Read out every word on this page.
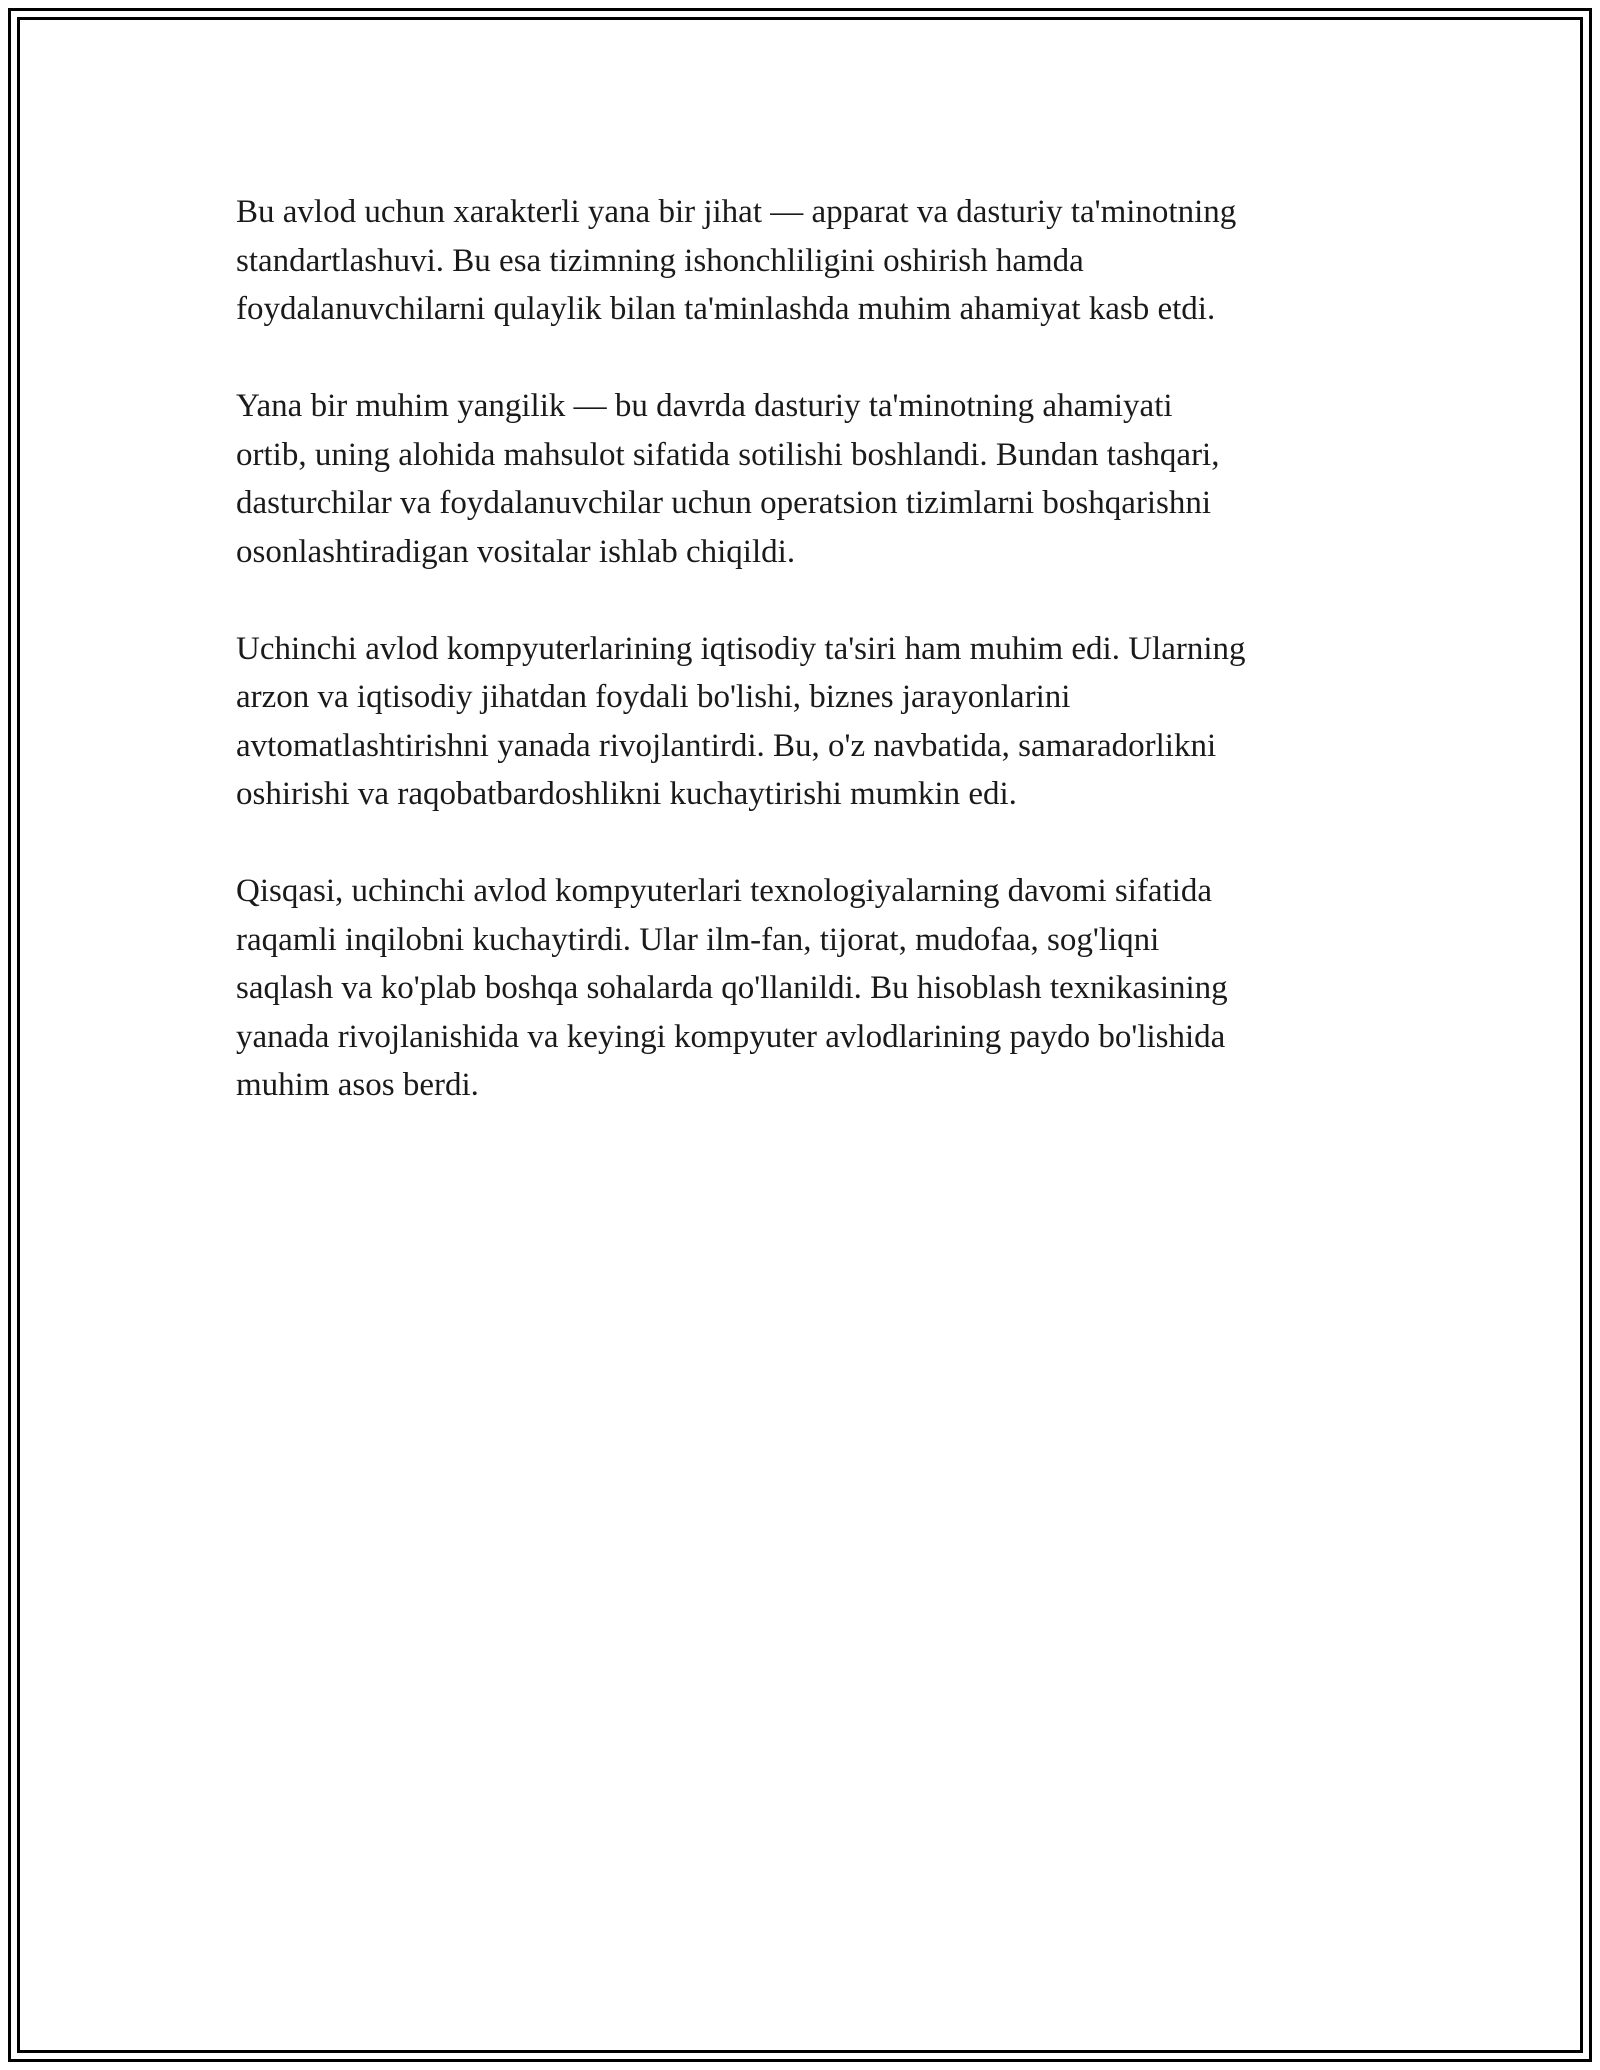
Bu avlod uchun xarakterli yana bir jihat — apparat va dasturiy ta'minotning
standartlashuvi. Bu esa tizimning ishonchliligini oshirish hamda
foydalanuvchilarni qulaylik bilan ta'minlashda muhim ahamiyat kasb etdi.

Yana bir muhim yangilik — bu davrda dasturiy ta'minotning ahamiyati
ortib, uning alohida mahsulot sifatida sotilishi boshlandi. Bundan tashqari,
dasturchilar va foydalanuvchilar uchun operatsion tizimlarni boshqarishni
osonlashtiradigan vositalar ishlab chiqildi.

Uchinchi avlod kompyuterlarining iqtisodiy ta'siri ham muhim edi. Ularning
arzon va iqtisodiy jihatdan foydali bo'lishi, biznes jarayonlarini
avtomatlashtirishni yanada rivojlantirdi. Bu, o'z navbatida, samaradorlikni
oshirishi va raqobatbardoshlikni kuchaytirishi mumkin edi.

Qisqasi, uchinchi avlod kompyuterlari texnologiyalarning davomi sifatida
raqamli inqilobni kuchaytirdi. Ular ilm-fan, tijorat, mudofaa, sog'liqni
saqlash va ko'plab boshqa sohalarda qo'llanildi. Bu hisoblash texnikasining
yanada rivojlanishida va keyingi kompyuter avlodlarining paydo bo'lishida
muhim asos berdi.
